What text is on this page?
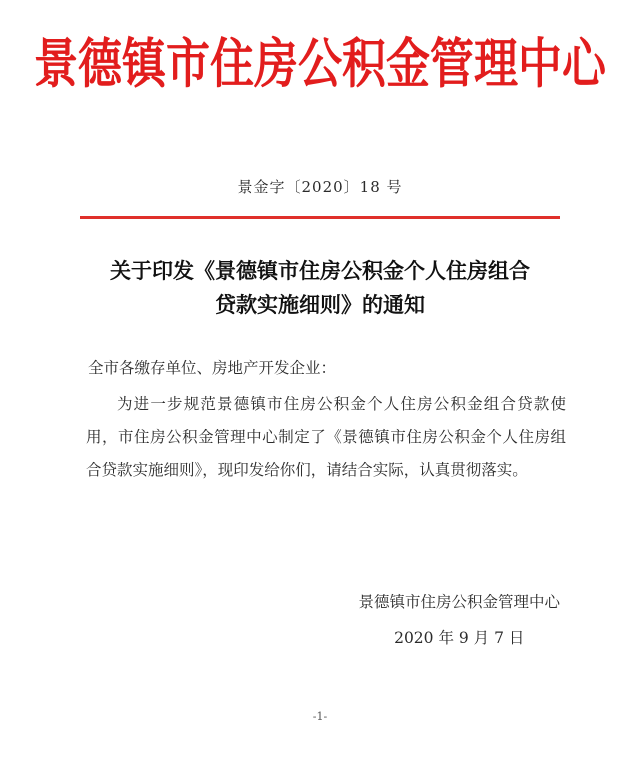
景德镇市住房公积金管理中心
景金字〔2020〕18 号
关于印发《景德镇市住房公积金个人住房组合
贷款实施细则》的通知
全市各缴存单位、房地产开发企业：
为进一步规范景德镇市住房公积金个人住房公积金组合贷款使用，市住房公积金管理中心制定了《景德镇市住房公积金个人住房组合贷款实施细则》，现印发给你们，请结合实际，认真贯彻落实。
景德镇市住房公积金管理中心
2020 年 9 月 7 日
-1-
